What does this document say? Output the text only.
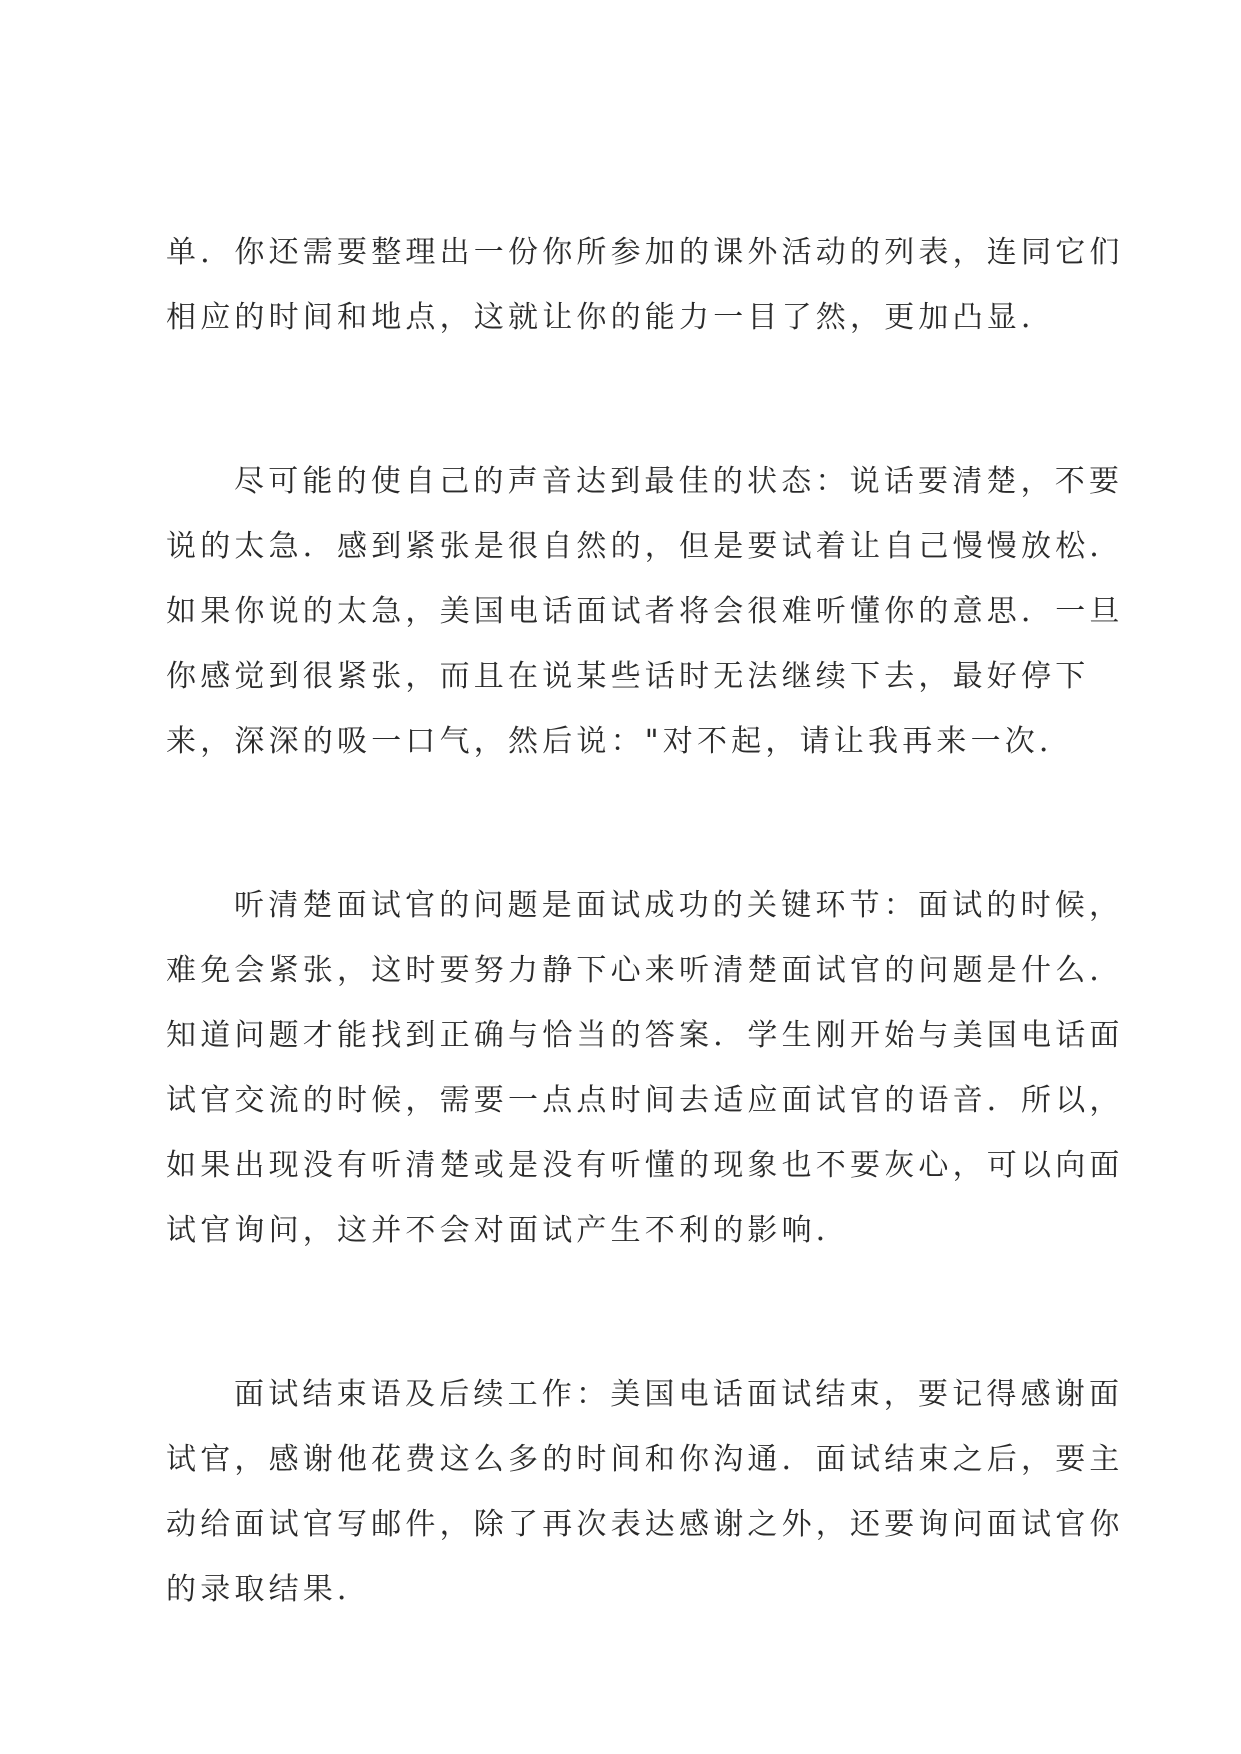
单．你还需要整理出一份你所参加的课外活动的列表，连同它们
相应的时间和地点，这就让你的能力一目了然，更加凸显．
尽可能的使自己的声音达到最佳的状态：说话要清楚，不要
说的太急．感到紧张是很自然的，但是要试着让自己慢慢放松．
如果你说的太急，美国电话面试者将会很难听懂你的意思．一旦
你感觉到很紧张，而且在说某些话时无法继续下去，最好停下
来，深深的吸一口气，然后说："对不起，请让我再来一次．
听清楚面试官的问题是面试成功的关键环节：面试的时候，
难免会紧张，这时要努力静下心来听清楚面试官的问题是什么．
知道问题才能找到正确与恰当的答案．学生刚开始与美国电话面
试官交流的时候，需要一点点时间去适应面试官的语音．所以，
如果出现没有听清楚或是没有听懂的现象也不要灰心，可以向面
试官询问，这并不会对面试产生不利的影响．
面试结束语及后续工作：美国电话面试结束，要记得感谢面
试官，感谢他花费这么多的时间和你沟通．面试结束之后，要主
动给面试官写邮件，除了再次表达感谢之外，还要询问面试官你
的录取结果．
